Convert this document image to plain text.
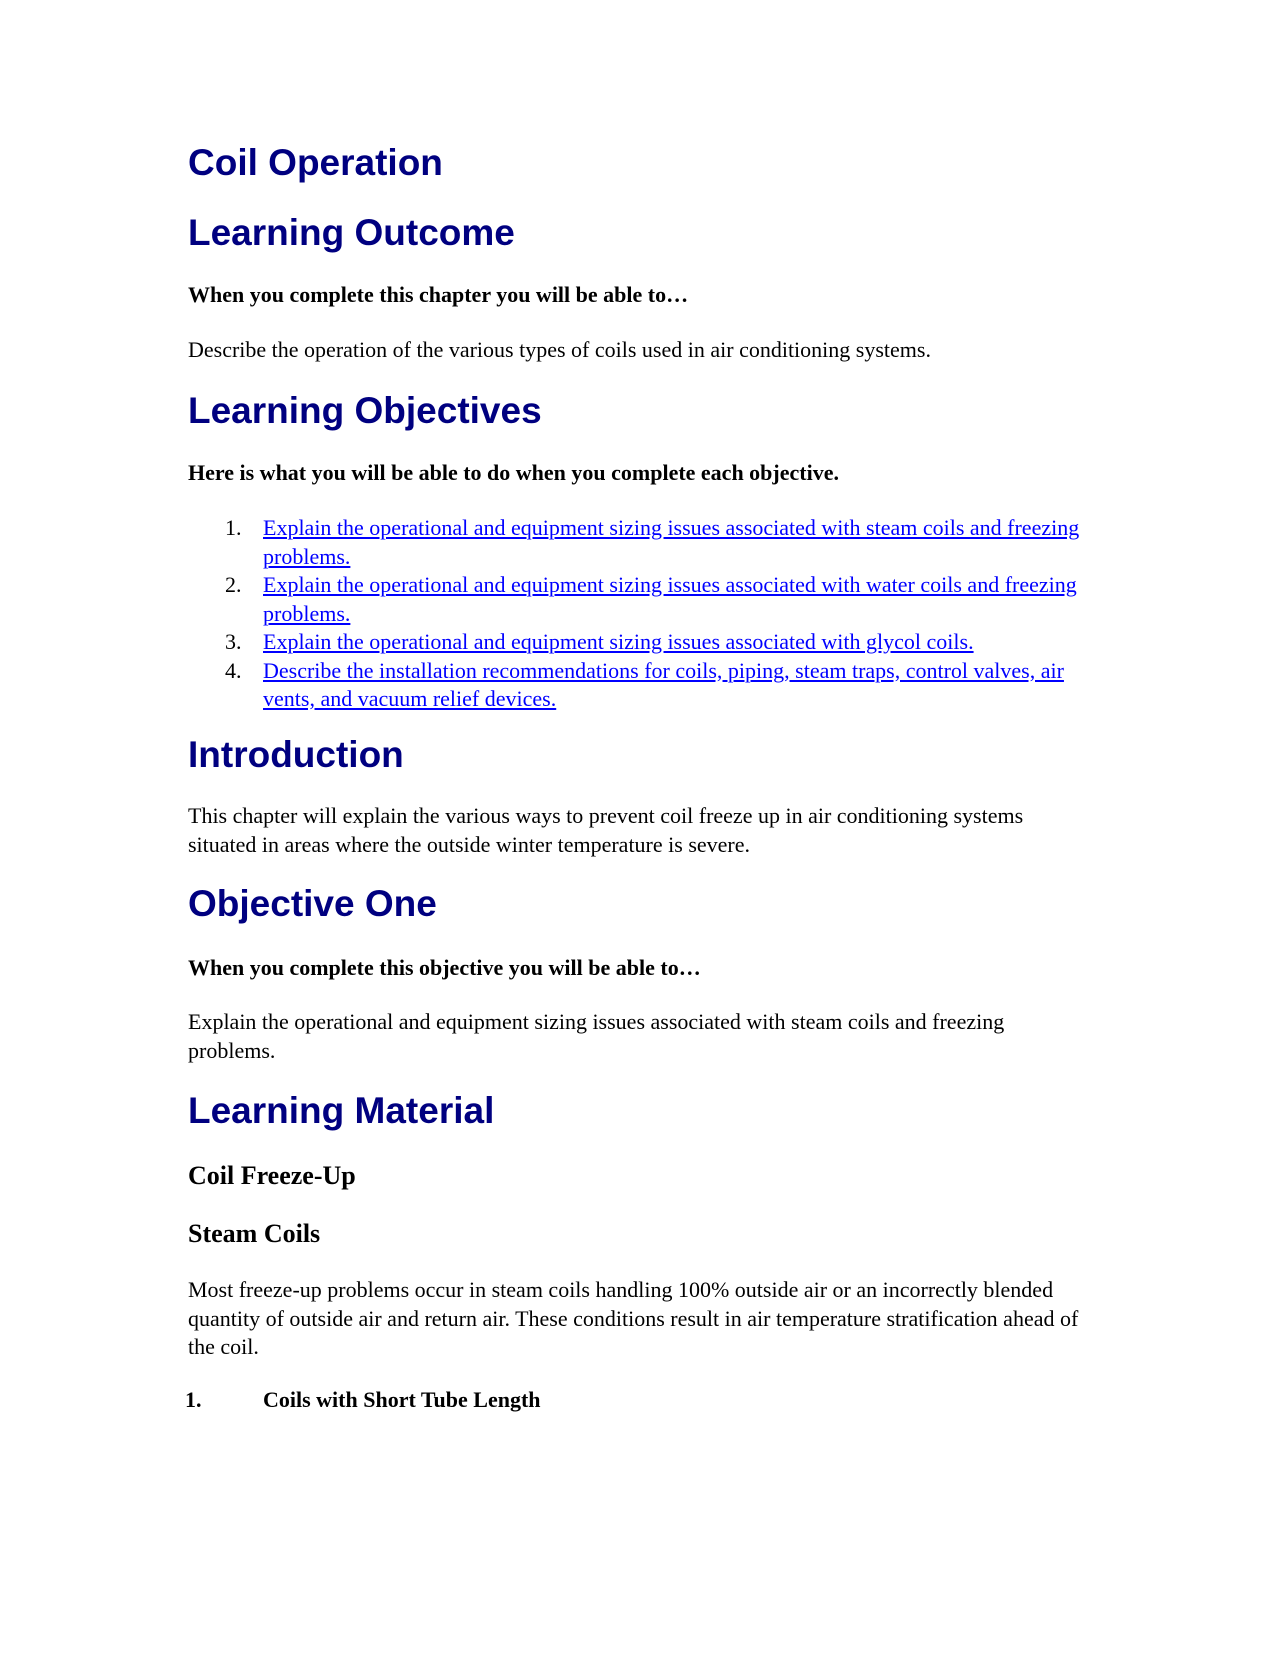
Coil Operation
Learning Outcome

When you complete this chapter you will be able to…

Describe the operation of the various types of coils used in air conditioning systems.

Learning Objectives

Here is what you will be able to do when you complete each objective.

1. Explain the operational and equipment sizing issues associated with steam coils and freezing problems.
2. Explain the operational and equipment sizing issues associated with water coils and freezing problems.
3. Explain the operational and equipment sizing issues associated with glycol coils.
4. Describe the installation recommendations for coils, piping, steam traps, control valves, air vents, and vacuum relief devices.
Introduction

This chapter will explain the various ways to prevent coil freeze up in air conditioning systems situated in areas where the outside winter temperature is severe.

Objective One

When you complete this objective you will be able to…

Explain the operational and equipment sizing issues associated with steam coils and freezing problems.

Learning Material
Coil Freeze-Up
Steam Coils

Most freeze-up problems occur in steam coils handling 100% outside air or an incorrectly blended quantity of outside air and return air. These conditions result in air temperature stratification ahead of the coil.

1.	Coils with Short Tube Length
